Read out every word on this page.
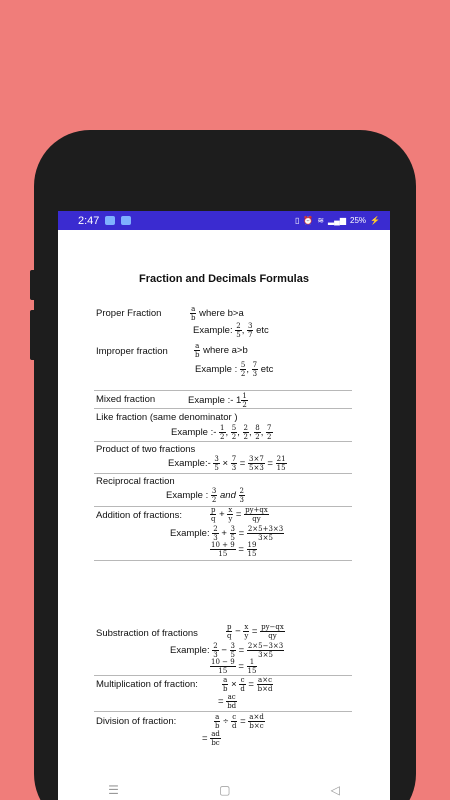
2:47	▯ ⏰ ≋ ▂▄▆ 25% ⚡
Fraction and Decimals Formulas
Proper Fraction	$\frac{a}{b}$ where b>a
Example: $\frac{2}{5}$ , $\frac{3}{7}$ etc
Improper fraction	$\frac{a}{b}$ where a>b
Example : $\frac{5}{2}$ , $\frac{7}{3}$ etc
Mixed fraction	Example :- $1 \frac{1}{2}$
Like fraction (same denominator )
Example :- $\frac{1}{2}$ , $\frac{5}{2}$ , $\frac{2}{2}$ , $\frac{8}{2}$ , $\frac{7}{2}$
Product of two fractions
Example:- $\frac{3}{5} \times \frac{7}{3} = \frac{3\times 7}{5\times 3} = \frac{21}{15}$
Reciprocal fraction
Example : $\frac{3}{2}$ and $\frac{2}{3}$
Addition of fractions:	$\frac{p}{q} + \frac{x}{y} = \frac{py+qx}{qy}$
Example: $\frac{2}{3} + \frac{3}{5} = \frac{2\times 5+3\times 3}{3\times 5}$
$\frac{10 + 9}{15} = \frac{19}{15}$
Substraction of fractions	$\frac{p}{q} - \frac{x}{y} = \frac{py-qx}{qy}$
Example: $\frac{2}{3} - \frac{3}{5} = \frac{2\times 5-3\times 3}{3\times 5}$
$\frac{10 - 9}{15} = \frac{1}{15}$
Multiplication of fraction:	$\frac{a}{b} \times \frac{c}{d} = \frac{a\times c}{b\times d}$
= $\frac{ac}{bd}$
Division of fraction:	$\frac{a}{b} \div \frac{c}{d} = \frac{a\times d}{b\times c}$
= $\frac{ad}{bc}$
☰	▢	◁
